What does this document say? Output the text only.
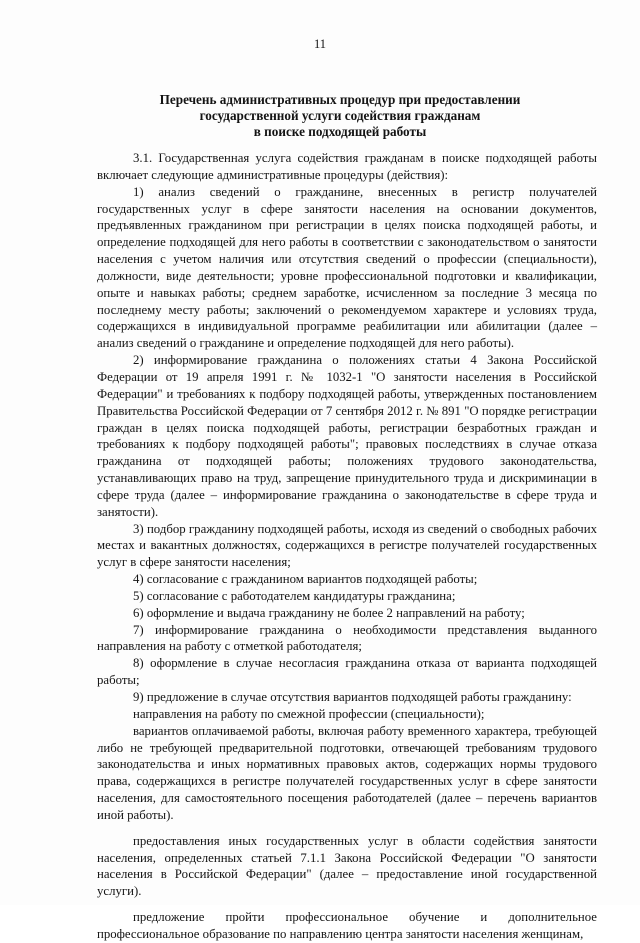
11
Перечень административных процедур при предоставлении
государственной услуги содействия гражданам
в поиске подходящей работы

3.1. Государственная услуга содействия гражданам в поиске подходящей работы включает следующие административные процедуры (действия):

1) анализ сведений о гражданине, внесенных в регистр получателей государственных услуг в сфере занятости населения на основании документов, предъявленных гражданином при регистрации в целях поиска подходящей работы, и определение подходящей для него работы в соответствии с законодательством о занятости населения с учетом наличия или отсутствия сведений о профессии (специальности), должности, виде деятельности; уровне профессиональной подготовки и квалификации, опыте и навыках работы; среднем заработке, исчисленном за последние 3 месяца по последнему месту работы; заключений о рекомендуемом характере и условиях труда, содержащихся в индивидуальной программе реабилитации или абилитации (далее – анализ сведений о гражданине и определение подходящей для него работы).

2) информирование гражданина о положениях статьи 4 Закона Российской Федерации от 19 апреля 1991 г. № 1032-1 "О занятости населения в Российской Федерации" и требованиях к подбору подходящей работы, утвержденных постановлением Правительства Российской Федерации от 7 сентября 2012 г. № 891 "О порядке регистрации граждан в целях поиска подходящей работы, регистрации безработных граждан и требованиях к подбору подходящей работы"; правовых последствиях в случае отказа гражданина от подходящей работы; положениях трудового законодательства, устанавливающих право на труд, запрещение принудительного труда и дискриминации в сфере труда (далее – информирование гражданина о законодательстве в сфере труда и занятости).

3) подбор гражданину подходящей работы, исходя из сведений о свободных рабочих местах и вакантных должностях, содержащихся в регистре получателей государственных услуг в сфере занятости населения;

4) согласование с гражданином вариантов подходящей работы;

5) согласование с работодателем кандидатуры гражданина;

6) оформление и выдача гражданину не более 2 направлений на работу;

7) информирование гражданина о необходимости представления выданного направления на работу с отметкой работодателя;

8) оформление в случае несогласия гражданина отказа от варианта подходящей работы;

9) предложение в случае отсутствия вариантов подходящей работы гражданину:

направления на работу по смежной профессии (специальности);

вариантов оплачиваемой работы, включая работу временного характера, требующей либо не требующей предварительной подготовки, отвечающей требованиям трудового законодательства и иных нормативных правовых актов, содержащих нормы трудового права, содержащихся в регистре получателей государственных услуг в сфере занятости населения, для самостоятельного посещения работодателей (далее – перечень вариантов иной работы).

предоставления иных государственных услуг в области содействия занятости населения, определенных статьей 7.1.1 Закона Российской Федерации "О занятости населения в Российской Федерации" (далее – предоставление иной государственной услуги).

предложение пройти профессиональное обучение и дополнительное профессиональное образование по направлению центра занятости населения женщинам,
